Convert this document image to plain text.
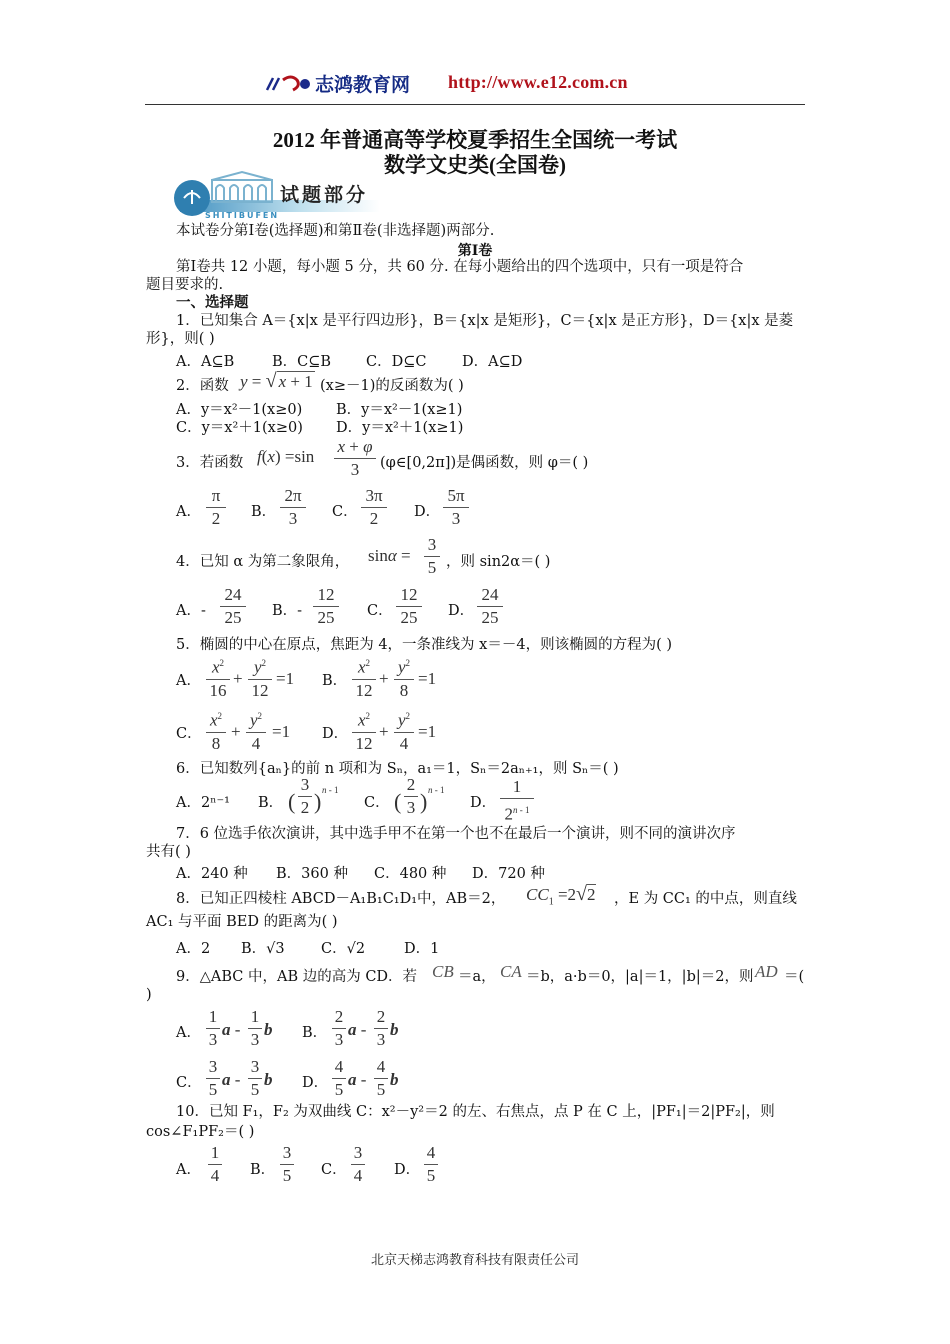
志鸿教育网 http://www.e12.com.cn
2012 年普通高等学校夏季招生全国统一考试
数学文史类(全国卷)
试题部分
SHITIBUFEN
本试卷分第Ⅰ卷(选择题)和第Ⅱ卷(非选择题)两部分.
第Ⅰ卷
第Ⅰ卷共 12 小题，每小题 5 分，共 60 分. 在每小题给出的四个选项中，只有一项是符合
题目要求的.
一、选择题
1．已知集合 A＝{x|x 是平行四边形}，B＝{x|x 是矩形}，C＝{x|x 是正方形}，D＝{x|x 是菱
形}，则( )
A．A⊆B	B．C⊆B C．D⊆C D．A⊆D
2．函数 y = √ x + 1 (x≥－1)的反函数为( )
A．y＝x²－1(x≥0) B．y＝x²－1(x≥1)
C．y＝x²＋1(x≥0) D．y＝x²＋1(x≥1)
3．若函数 f(x) =sin
x + φ
3	(φ∈[0,2π])是偶函数，则 φ＝( )
A．
π
2	B．
2π
3	C．
3π
2	D．
5π
3
4．已知 α 为第二象限角， sinα =
3
5 ，则 sin2α＝( )
A．-
24
25	B．-
12
25	C．
12
25	D．
24
25
5．椭圆的中心在原点，焦距为 4，一条准线为 x＝－4，则该椭圆的方程为( )
A．
$x^2$
16
+
$y^2$
12
=1 B．
$x^2$
12
+
$y^2$
8
=1
C．
$x^2$
8
+
$y^2$
4
=1 D．
$x^2$
12
+
$y^2$
4
=1
6．已知数列{aₙ}的前 n 项和为 Sₙ，a₁＝1，Sₙ＝2aₙ₊₁，则 Sₙ＝( )
A．2ⁿ⁻¹ B． (
3
2 ) n - 1
C． (
2
3 ) n - 1
D．
1
2$^{n - 1}$
7．6 位选手依次演讲，其中选手甲不在第一个也不在最后一个演讲，则不同的演讲次序
共有( )
A．240 种 B．360 种 C．480 种 D．720 种
8．已知正四棱柱 ABCD－A₁B₁C₁D₁中，AB＝2， $CC_1 =2√2$ ，E 为 CC₁ 的中点，则直线
AC₁ 与平面 BED 的距离为( )
A．2 B．√3	C．√2	D．1
9．△ABC 中，AB 边的高为 CD．若 CB ＝a， CA ＝b，a·b＝0，|a|＝1，|b|＝2，则 AD ＝(
)
A．
1
3
a -
1
3
b B．
2
3
a -
2
3
b
C．
3
5
a -
3
5
b D．
4
5
a -
4
5
b
10．已知 F₁，F₂ 为双曲线 C：x²－y²＝2 的左、右焦点，点 P 在 C 上，|PF₁|＝2|PF₂|，则
cos∠F₁PF₂＝( )
A．
1
4 B．
3
5 C．
3
4 D．
4
5
北京天梯志鸿教育科技有限责任公司
